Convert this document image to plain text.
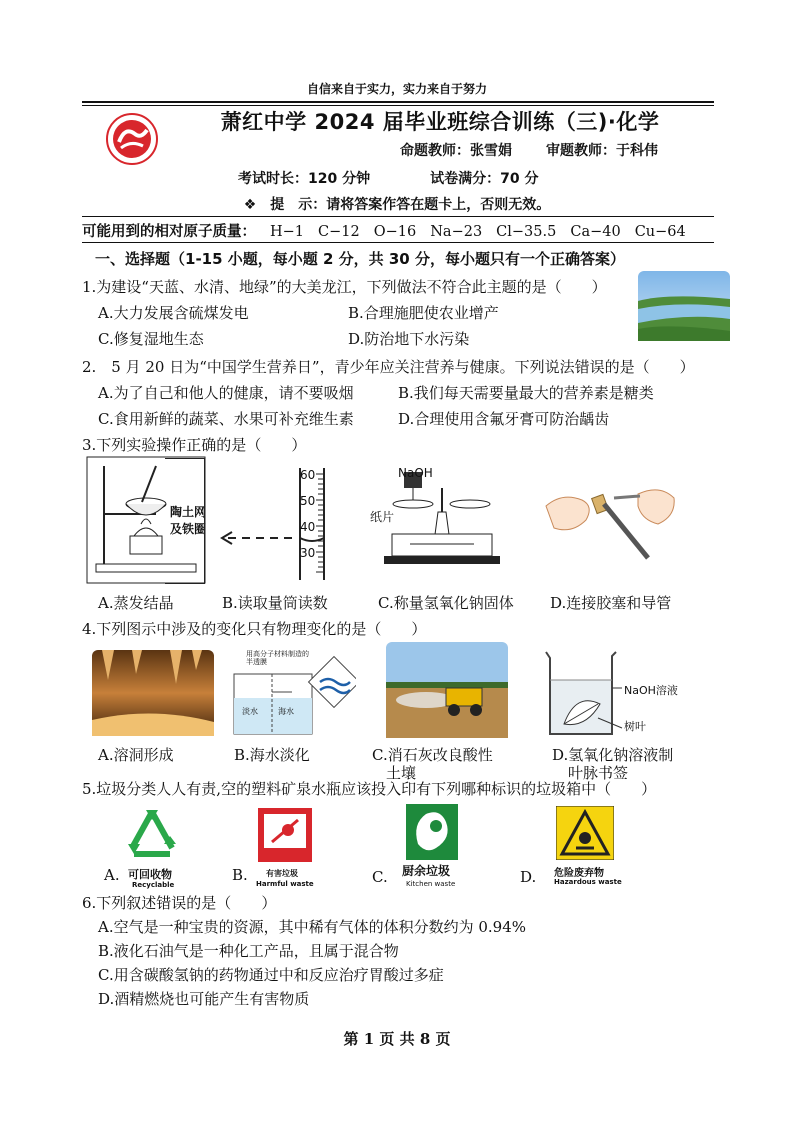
自信来自于实力，实力来自于努力
萧红中学 2024 届毕业班综合训练（三)·化学
命题教师：张雪娟 审题教师：于科伟
考试时长：120 分钟	试卷满分：70 分
❖　提　示：请将答案作答在题卡上，否则无效。
可能用到的相对原子质量： H−1 C−12 O−16 Na−23 Cl−35.5 Ca−40 Cu−64
一、选择题（1-15 小题，每小题 2 分，共 30 分，每小题只有一个正确答案）
1.为建设“天蓝、水清、地绿”的大美龙江，下列做法不符合此主题的是（　　）
A.大力发展含硫煤发电	B.合理施肥使农业增产
C.修复湿地生态	D.防治地下水污染
2.　5 月 20 日为“中国学生营养日”，青少年应关注营养与健康。下列说法错误的是（　　）
A.为了自己和他人的健康，请不要吸烟	B.我们每天需要量最大的营养素是糖类
C.食用新鲜的蔬菜、水果可补充维生素	D.合理使用含氟牙膏可防治龋齿
3.下列实验操作正确的是（　　）
陶土网及铁圈
60
50
40
30
NaOH
纸片
A.蒸发结晶	B.读取量筒读数	C.称量氢氧化钠固体 D.连接胶塞和导管
4.下列图示中涉及的变化只有物理变化的是（　　）
用高分子材料制造的半透膜
淡水	海水
NaOH溶液
树叶
A.溶洞形成	B.海水淡化	C.消石灰改良酸性
土壤
D.氢氧化钠溶液制
叶脉书签
5.垃圾分类人人有责,空的塑料矿泉水瓶应该投入印有下列哪种标识的垃圾箱中（　　）
A. 可回收物
Recyclable
B. 有害垃圾
Harmful waste	C. 厨余垃圾
Kitchen waste	D. 危险废弃物
Hazardous waste
6.下列叙述错误的是（　　）
A.空气是一种宝贵的资源，其中稀有气体的体积分数约为 0.94%
B.液化石油气是一种化工产品，且属于混合物
C.用含碳酸氢钠的药物通过中和反应治疗胃酸过多症
D.酒精燃烧也可能产生有害物质
第 1 页 共 8 页
